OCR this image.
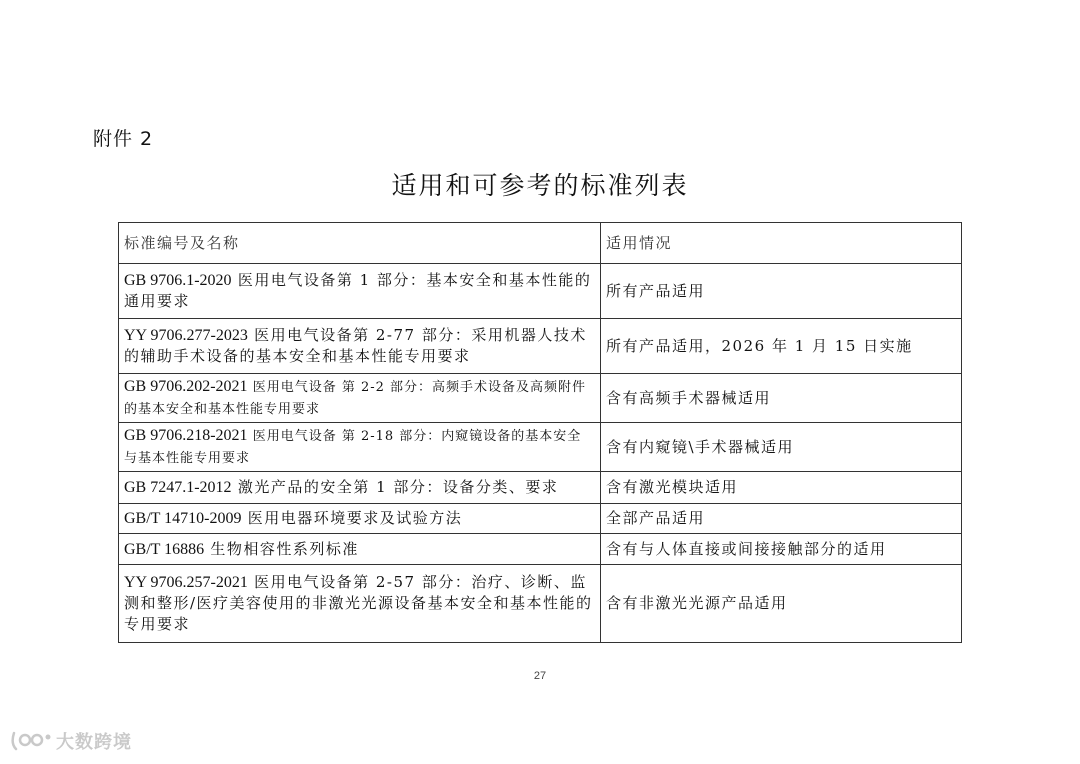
附件 2
适用和可参考的标准列表
标准编号及名称	适用情况
GB 9706.1-2020 医用电气设备第 1 部分：基本安全和基本性能的通用要求	所有产品适用
YY 9706.277-2023 医用电气设备第 2-77 部分：采用机器人技术的辅助手术设备的基本安全和基本性能专用要求	所有产品适用，2026 年 1 月 15 日实施
GB 9706.202-2021 医用电气设备 第 2-2 部分：高频手术设备及高频附件的基本安全和基本性能专用要求	含有高频手术器械适用
GB 9706.218-2021 医用电气设备 第 2-18 部分：内窥镜设备的基本安全与基本性能专用要求	含有内窥镜\手术器械适用
GB 7247.1-2012 激光产品的安全第 1 部分：设备分类、要求	含有激光模块适用
GB/T 14710-2009 医用电器环境要求及试验方法	全部产品适用
GB/T 16886 生物相容性系列标准	含有与人体直接或间接接触部分的适用
YY 9706.257-2021 医用电气设备第 2-57 部分：治疗、诊断、监测和整形/医疗美容使用的非激光光源设备基本安全和基本性能的专用要求	含有非激光光源产品适用
27
大数跨境
